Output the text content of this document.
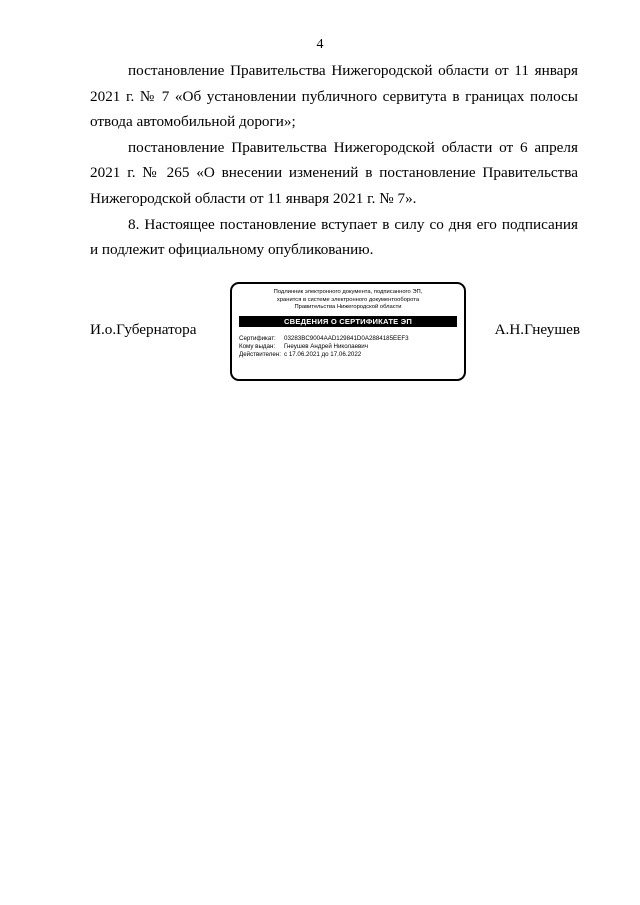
4

постановление Правительства Нижегородской области от 11 января 2021 г. № 7 «Об установлении публичного сервитута в границах полосы отвода автомобильной дороги»;

постановление Правительства Нижегородской области от 6 апреля 2021 г. № 265 «О внесении изменений в постановление Правительства Нижегородской области от 11 января 2021 г. № 7».

8. Настоящее постановление вступает в силу со дня его подписания и подлежит официальному опубликованию.

И.о.Губернатора
Подлинник электронного документа, подписанного ЭП,
хранится в системе электронного документооборота
Правительства Нижегородской области
СВЕДЕНИЯ О СЕРТИФИКАТЕ ЭП
Сертификат:	03283BC9004AAD129841D0A2884185EEF3
Кому выдан:	Гнеушев Андрей Николаевич
Действителен: с 17.06.2021 до 17.06.2022
А.Н.Гнеушев
